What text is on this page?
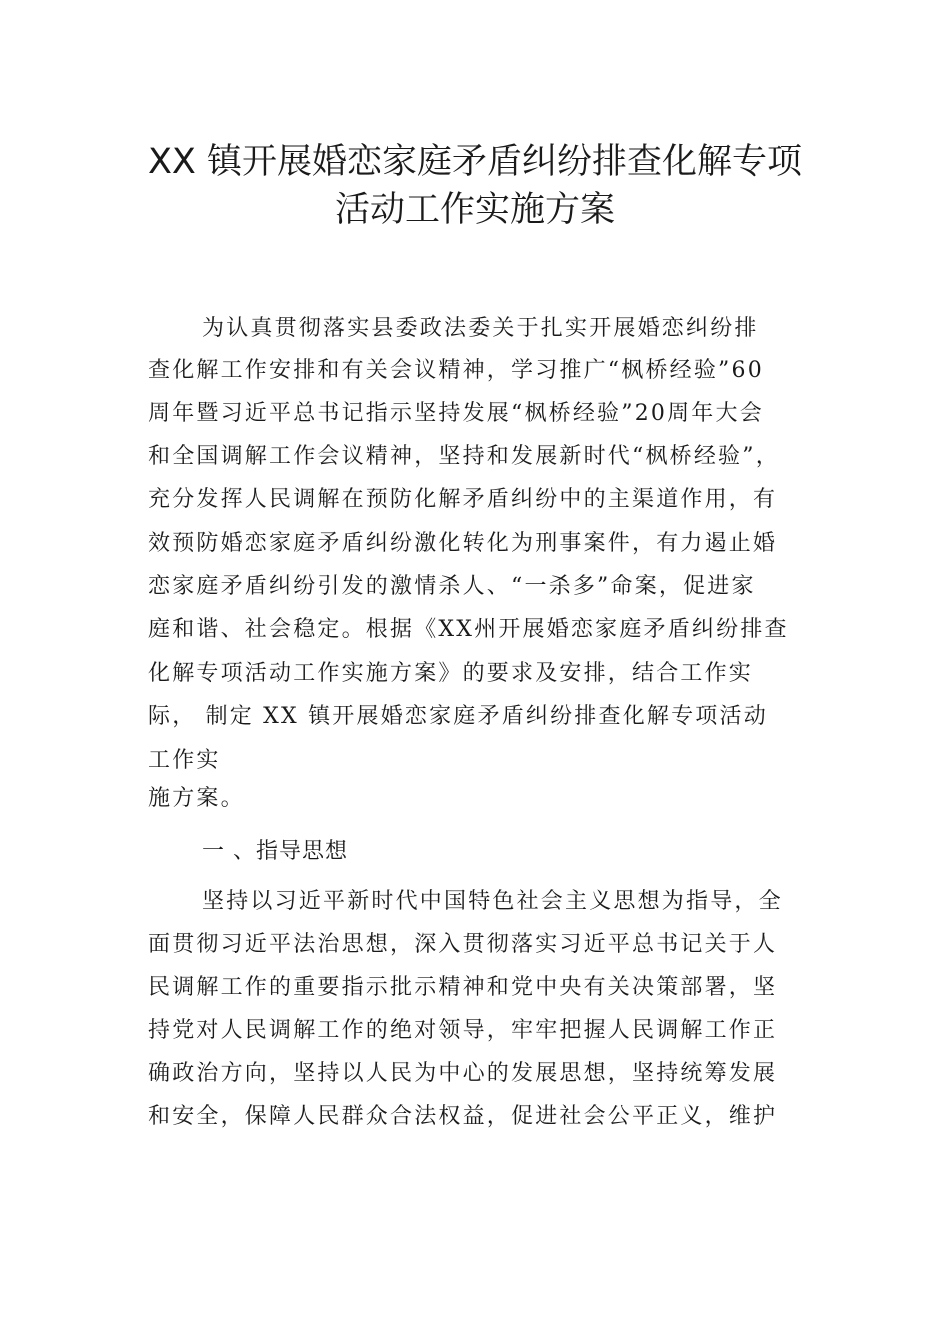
XX 镇开展婚恋家庭矛盾纠纷排查化解专项
活动工作实施方案

为认真贯彻落实县委政法委关于扎实开展婚恋纠纷排

查化解工作安排和有关会议精神，学习推广“枫桥经验”60

周年暨习近平总书记指示坚持发展“枫桥经验”20周年大会

和全国调解工作会议精神，坚持和发展新时代“枫桥经验”，

充分发挥人民调解在预防化解矛盾纠纷中的主渠道作用，有

效预防婚恋家庭矛盾纠纷激化转化为刑事案件，有力遏止婚

恋家庭矛盾纠纷引发的激情杀人、“一杀多”命案，促进家

庭和谐、社会稳定。根据《XX州开展婚恋家庭矛盾纠纷排查

化解专项活动工作实施方案》的要求及安排，结合工作实

际， 制定 XX 镇开展婚恋家庭矛盾纠纷排查化解专项活动

工作实

施方案。

一 、指导思想

坚持以习近平新时代中国特色社会主义思想为指导，全

面贯彻习近平法治思想，深入贯彻落实习近平总书记关于人

民调解工作的重要指示批示精神和党中央有关决策部署，坚

持党对人民调解工作的绝对领导，牢牢把握人民调解工作正

确政治方向，坚持以人民为中心的发展思想，坚持统筹发展

和安全，保障人民群众合法权益，促进社会公平正义，维护
